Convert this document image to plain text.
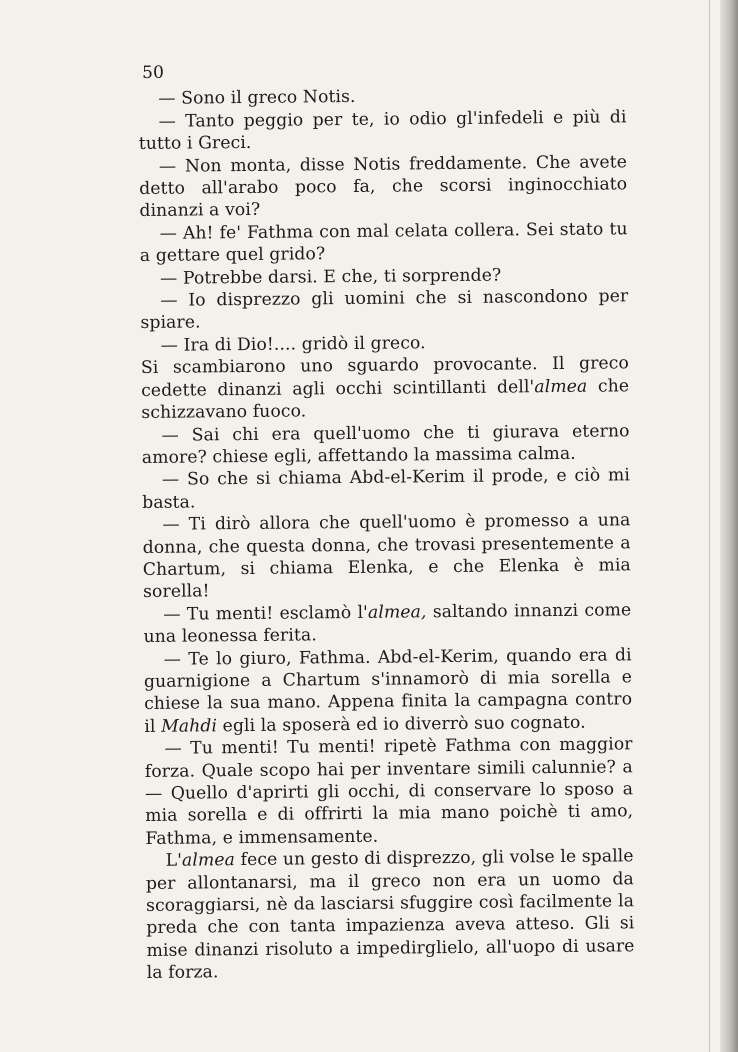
50

— Sono il greco Notis.

— Tanto peggio per te, io odio gl'infedeli e più di tutto i Greci.

— Non monta, disse Notis freddamente. Che avete detto all'arabo poco fa, che scorsi inginocchiato dinanzi a voi?

— Ah! fe' Fathma con mal celata collera. Sei stato tu a gettare quel grido?

— Potrebbe darsi. E che, ti sorprende?

— Io disprezzo gli uomini che si nascondono per spiare.

— Ira di Dio!.... gridò il greco.

Si scambiarono uno sguardo provocante. Il greco cedette dinanzi agli occhi scintillanti dell'almea che schizzavano fuoco.

— Sai chi era quell'uomo che ti giurava eterno amore? chiese egli, affettando la massima calma.

— So che si chiama Abd-el-Kerim il prode, e ciò mi basta.

— Ti dirò allora che quell'uomo è promesso a una donna, che questa donna, che trovasi presentemente a Chartum, si chiama Elenka, e che Elenka è mia sorella!

— Tu menti! esclamò l'almea, saltando innanzi come una leonessa ferita.

— Te lo giuro, Fathma. Abd-el-Kerim, quando era di guarnigione a Chartum s'innamorò di mia sorella e chiese la sua mano. Appena finita la campagna contro il Mahdi egli la sposerà ed io diverrò suo cognato.

— Tu menti! Tu menti! ripetè Fathma con maggior forza. Quale scopo hai per inventare simili calunnie? a — Quello d'aprirti gli occhi, di conservare lo sposo a mia sorella e di offrirti la mia mano poichè ti amo, Fathma, e immensamente.

L'almea fece un gesto di disprezzo, gli volse le spalle per allontanarsi, ma il greco non era un uomo da scoraggiarsi, nè da lasciarsi sfuggire così facilmente la preda che con tanta impazienza aveva atteso. Gli si mise dinanzi risoluto a impedirglielo, all'uopo di usare la forza.
